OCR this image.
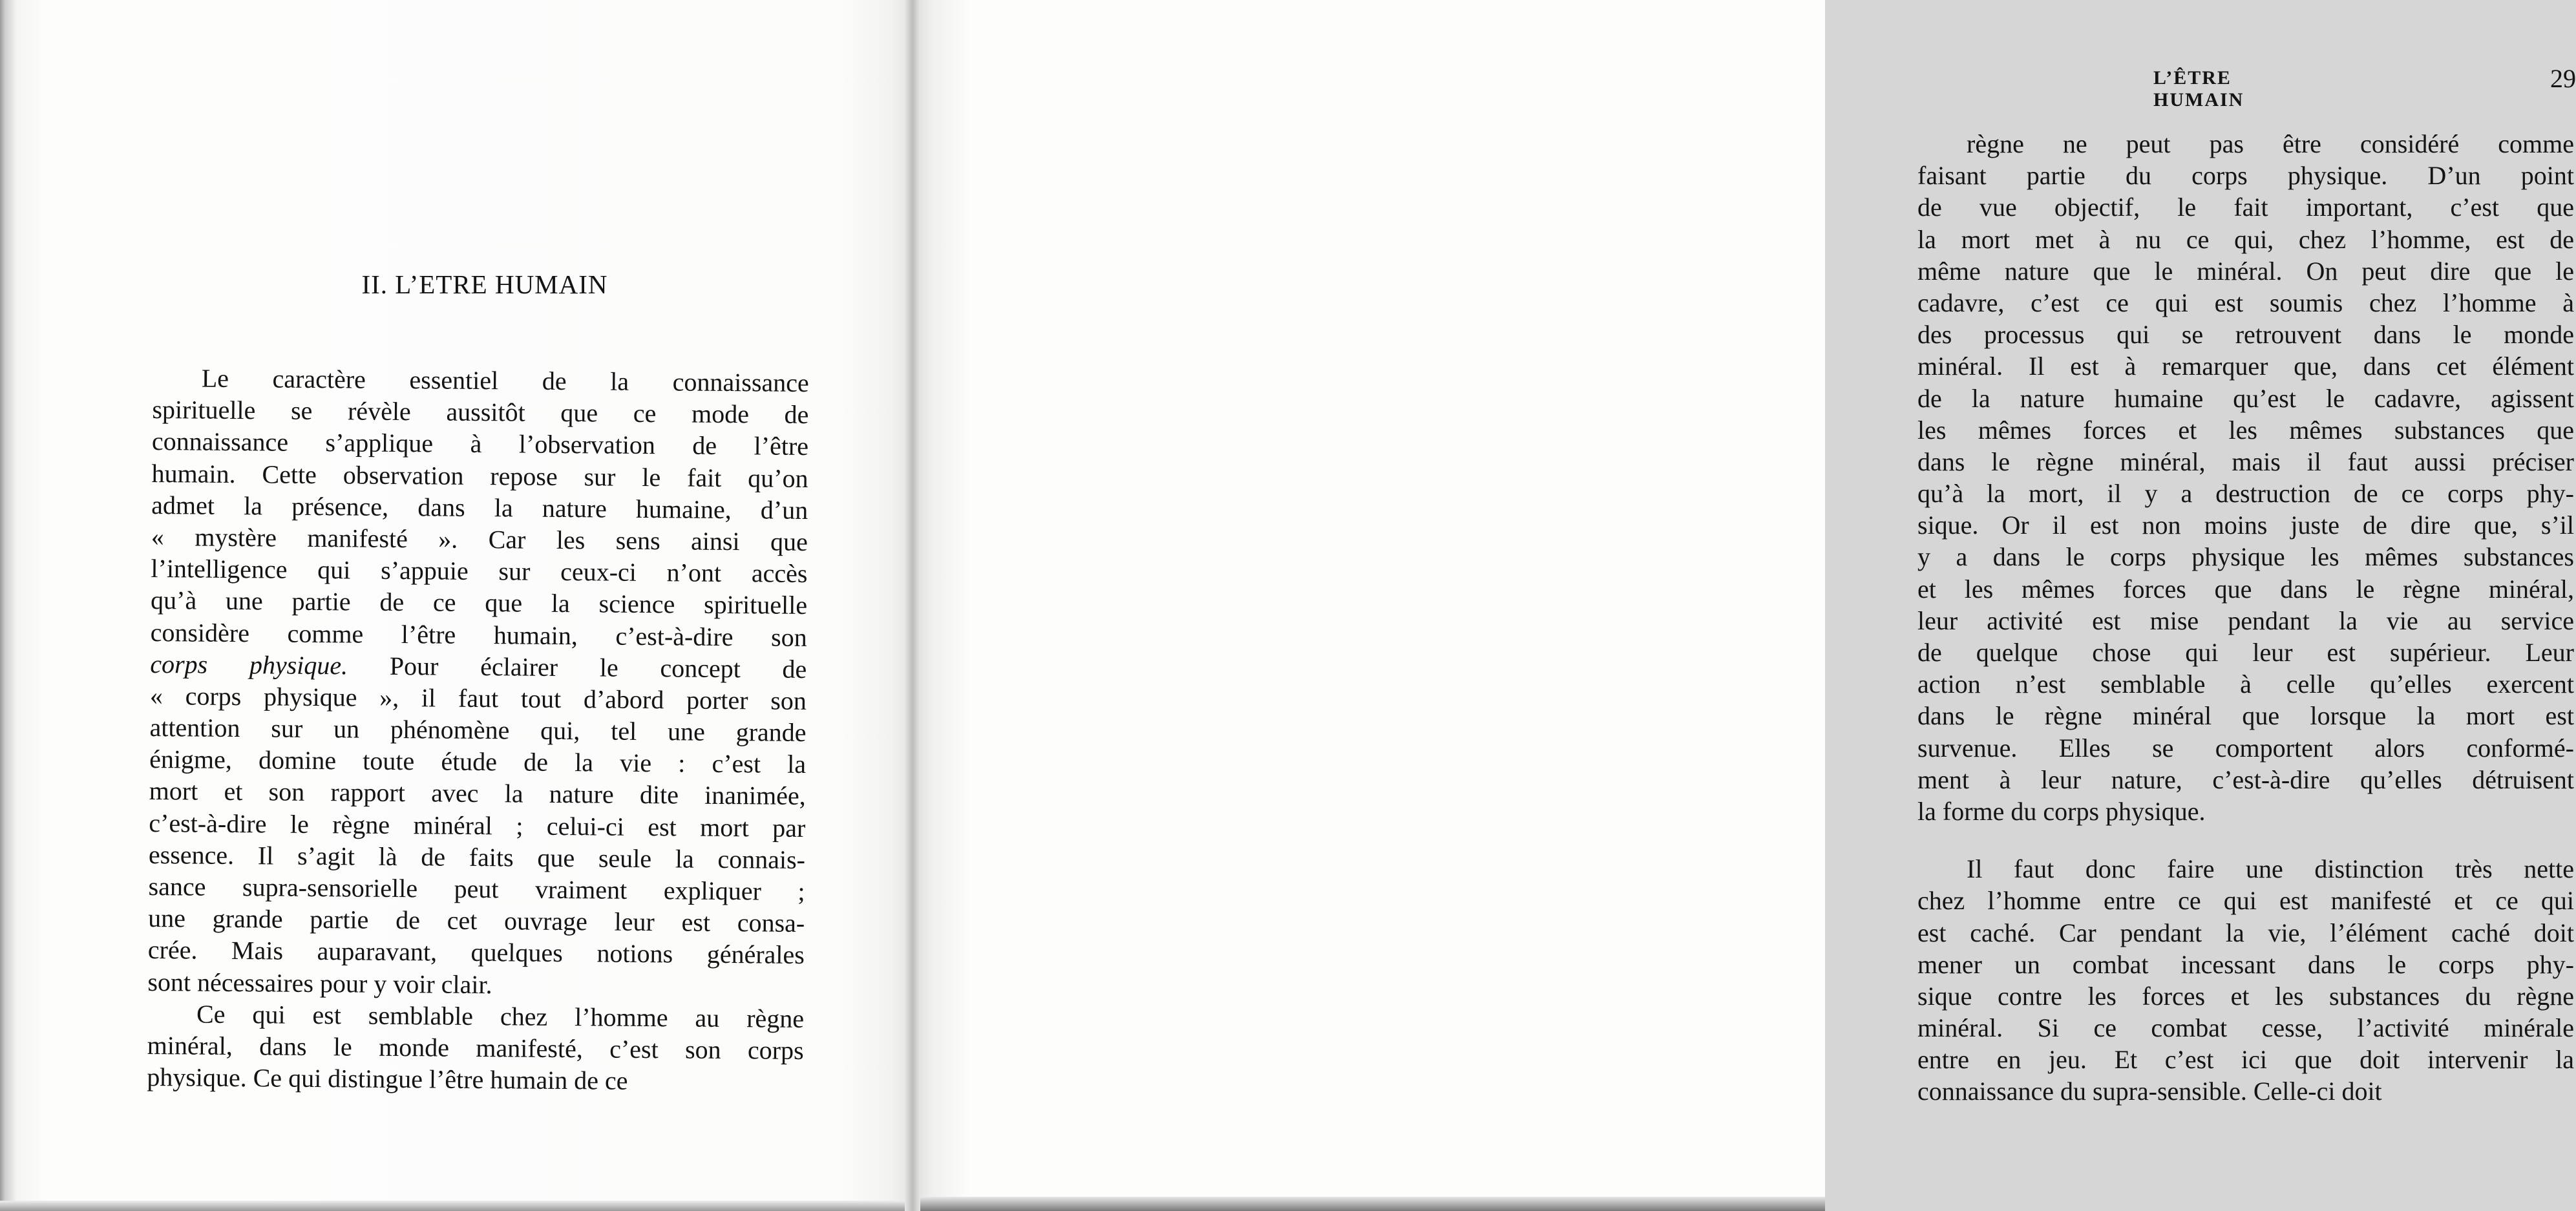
II. L’ETRE HUMAIN
Le caractère essentiel de la connaissance
spirituelle se révèle aussitôt que ce mode de
connaissance s’applique à l’observation de l’être
humain. Cette observation repose sur le fait qu’on
admet la présence, dans la nature humaine, d’un
« mystère manifesté ». Car les sens ainsi que
l’intelligence qui s’appuie sur ceux-ci n’ont accès
qu’à une partie de ce que la science spirituelle
considère comme l’être humain, c’est-à-dire son
corps physique. Pour éclairer le concept de
« corps physique », il faut tout d’abord porter son
attention sur un phénomène qui, tel une grande
énigme, domine toute étude de la vie : c’est la
mort et son rapport avec la nature dite inanimée,
c’est-à-dire le règne minéral ; celui-ci est mort par
essence. Il s’agit là de faits que seule la connais-
sance supra-sensorielle peut vraiment expliquer ;
une grande partie de cet ouvrage leur est consa-
crée. Mais auparavant, quelques notions générales
sont nécessaires pour y voir clair.
Ce qui est semblable chez l’homme au règne
minéral, dans le monde manifesté, c’est son corps
physique. Ce qui distingue l’être humain de ce
L’ÊTRE HUMAIN
29
règne ne peut pas être considéré comme
faisant partie du corps physique. D’un point
de vue objectif, le fait important, c’est que
la mort met à nu ce qui, chez l’homme, est de
même nature que le minéral. On peut dire que le
cadavre, c’est ce qui est soumis chez l’homme à
des processus qui se retrouvent dans le monde
minéral. Il est à remarquer que, dans cet élément
de la nature humaine qu’est le cadavre, agissent
les mêmes forces et les mêmes substances que
dans le règne minéral, mais il faut aussi préciser
qu’à la mort, il y a destruction de ce corps phy-
sique. Or il est non moins juste de dire que, s’il
y a dans le corps physique les mêmes substances
et les mêmes forces que dans le règne minéral,
leur activité est mise pendant la vie au service
de quelque chose qui leur est supérieur. Leur
action n’est semblable à celle qu’elles exercent
dans le règne minéral que lorsque la mort est
survenue. Elles se comportent alors conformé-
ment à leur nature, c’est-à-dire qu’elles détruisent
la forme du corps physique.
Il faut donc faire une distinction très nette
chez l’homme entre ce qui est manifesté et ce qui
est caché. Car pendant la vie, l’élément caché doit
mener un combat incessant dans le corps phy-
sique contre les forces et les substances du règne
minéral. Si ce combat cesse, l’activité minérale
entre en jeu. Et c’est ici que doit intervenir la
connaissance du supra-sensible. Celle-ci doit
